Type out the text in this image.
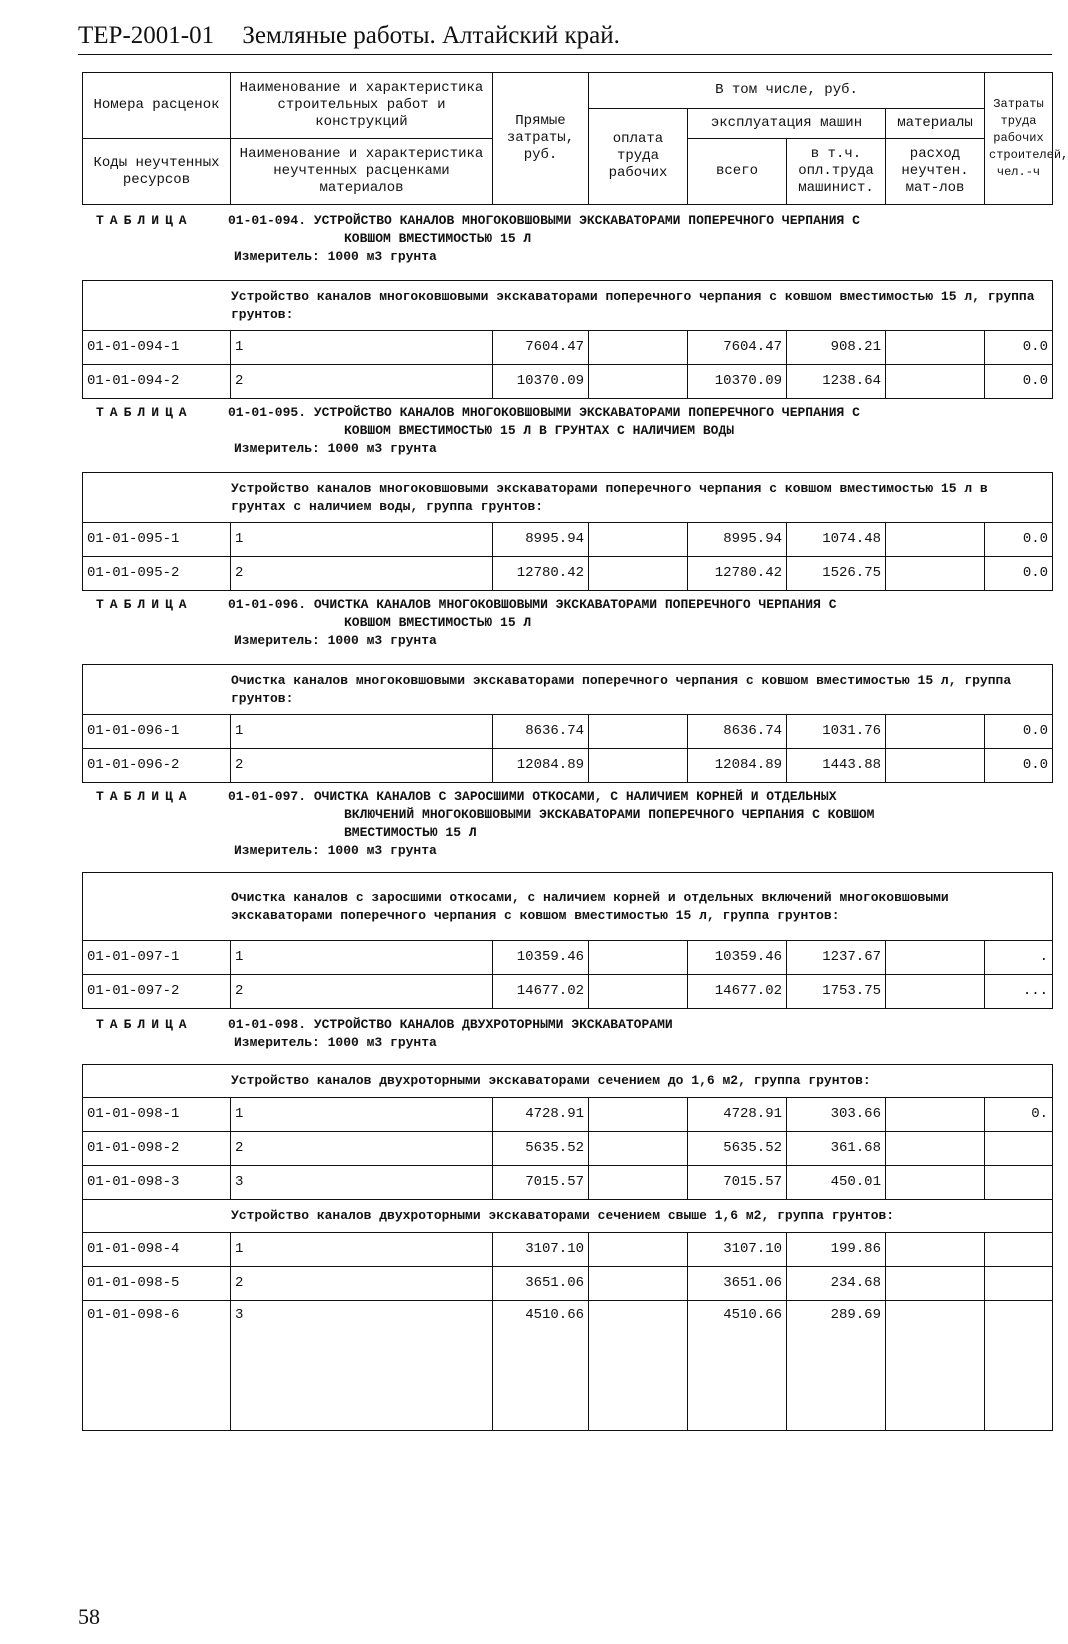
ТЕР-2001-01 Земляные работы. Алтайский край.
Номера расценок	Наименование и характеристика строительных работ и конструкций	Прямые затраты, руб.	В том числе, руб.				Затраты труда рабочих строителей, чел.-ч
			оплата труда рабочих	эксплуатация машин		материалы	
Коды неучтенных ресурсов	Наименование и характеристика неучтенных расценками материалов			всего	в т.ч. опл.труда машинист.	расход неучтен. мат-лов	
ТАБЛИЦА	01-01-094. УСТРОЙСТВО КАНАЛОВ МНОГОКОВШОВЫМИ ЭКСКАВАТОРАМИ ПОПЕРЕЧНОГО ЧЕРПАНИЯ С
КОВШОМ ВМЕСТИМОСТЬЮ 15 Л
Измеритель: 1000 м3 грунта
Устройство каналов многоковшовыми экскаваторами поперечного черпания с ковшом вместимостью 15 л, группа грунтов:							
01-01-094-1	1	7604.47		7604.47	908.21		0.0
01-01-094-2	2	10370.09		10370.09	1238.64		0.0
ТАБЛИЦА	01-01-095. УСТРОЙСТВО КАНАЛОВ МНОГОКОВШОВЫМИ ЭКСКАВАТОРАМИ ПОПЕРЕЧНОГО ЧЕРПАНИЯ С
КОВШОМ ВМЕСТИМОСТЬЮ 15 Л В ГРУНТАХ С НАЛИЧИЕМ ВОДЫ
Измеритель: 1000 м3 грунта
Устройство каналов многоковшовыми экскаваторами поперечного черпания с ковшом вместимостью 15 л в грунтах с наличием воды, группа грунтов:							
01-01-095-1	1	8995.94		8995.94	1074.48		0.0
01-01-095-2	2	12780.42		12780.42	1526.75		0.0
ТАБЛИЦА	01-01-096. ОЧИСТКА КАНАЛОВ МНОГОКОВШОВЫМИ ЭКСКАВАТОРАМИ ПОПЕРЕЧНОГО ЧЕРПАНИЯ С
КОВШОМ ВМЕСТИМОСТЬЮ 15 Л
Измеритель: 1000 м3 грунта
Очистка каналов многоковшовыми экскаваторами поперечного черпания с ковшом вместимостью 15 л, группа грунтов:							
01-01-096-1	1	8636.74		8636.74	1031.76		0.0
01-01-096-2	2	12084.89		12084.89	1443.88		0.0
ТАБЛИЦА	01-01-097. ОЧИСТКА КАНАЛОВ С ЗАРОСШИМИ ОТКОСАМИ, С НАЛИЧИЕМ КОРНЕЙ И ОТДЕЛЬНЫХ
ВКЛЮЧЕНИЙ МНОГОКОВШОВЫМИ ЭКСКАВАТОРАМИ ПОПЕРЕЧНОГО ЧЕРПАНИЯ С КОВШОМ
ВМЕСТИМОСТЬЮ 15 Л
Измеритель: 1000 м3 грунта
Очистка каналов с заросшими откосами, с наличием корней и отдельных включений многоковшовыми экскаваторами поперечного черпания с ковшом вместимостью 15 л, группа грунтов:							
01-01-097-1	1	10359.46		10359.46	1237.67		.
01-01-097-2	2	14677.02		14677.02	1753.75		...
ТАБЛИЦА	01-01-098. УСТРОЙСТВО КАНАЛОВ ДВУХРОТОРНЫМИ ЭКСКАВАТОРАМИ
Измеритель: 1000 м3 грунта
Устройство каналов двухроторными экскаваторами сечением до 1,6 м2, группа грунтов:							
01-01-098-1	1	4728.91		4728.91	303.66		0.
01-01-098-2	2	5635.52		5635.52	361.68		
01-01-098-3	3	7015.57		7015.57	450.01		
Устройство каналов двухроторными экскаваторами сечением свыше 1,6 м2, группа грунтов:							
01-01-098-4	1	3107.10		3107.10	199.86		
01-01-098-5	2	3651.06		3651.06	234.68		
01-01-098-6	3	4510.66		4510.66	289.69		
58
